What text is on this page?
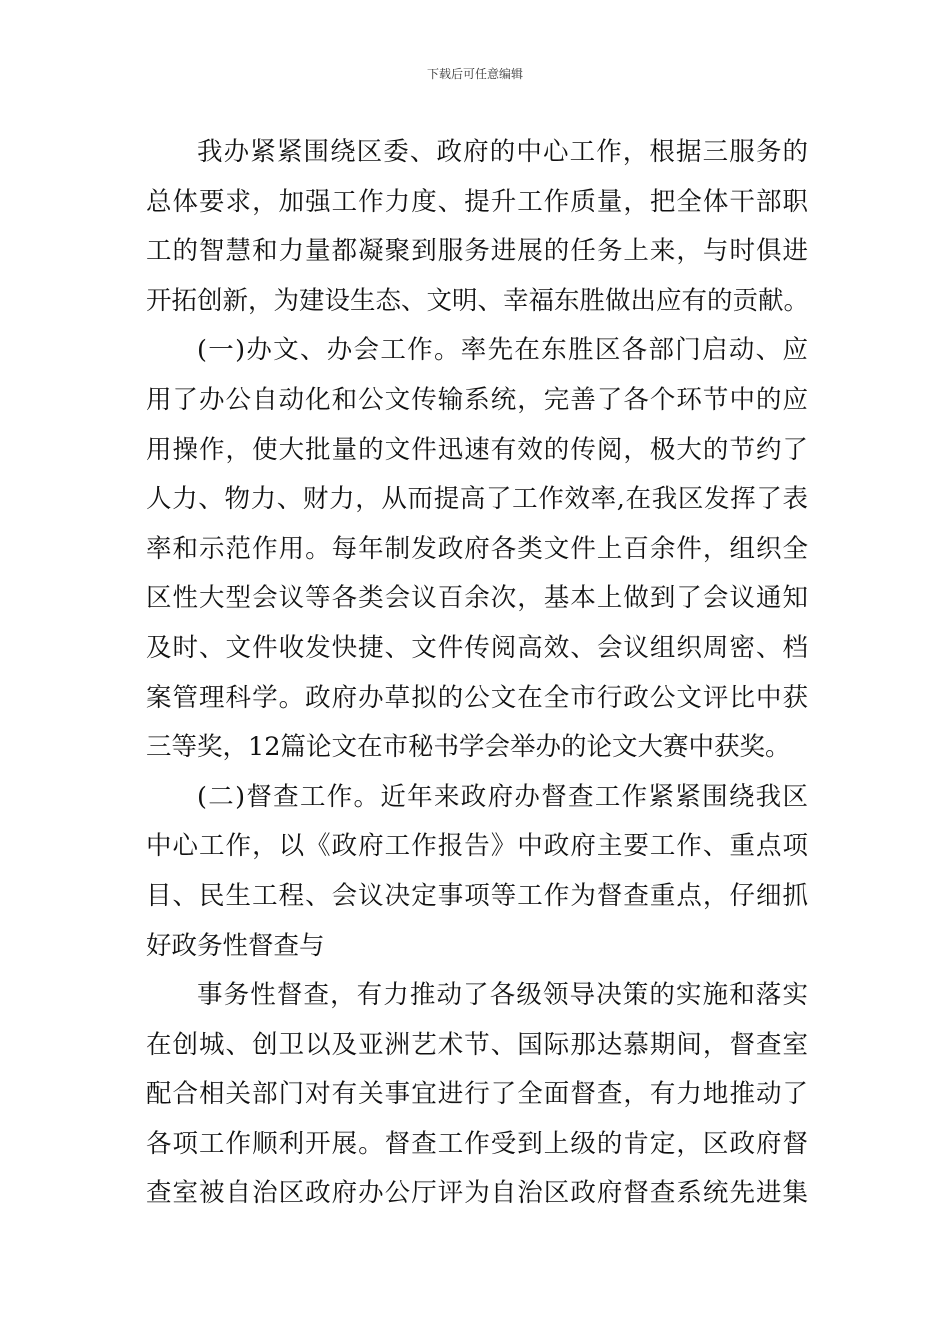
下载后可任意编辑
我办紧紧围绕区委、政府的中心工作，根据三服务的
总体要求，加强工作力度、提升工作质量，把全体干部职
工的智慧和力量都凝聚到服务进展的任务上来，与时俱进
开拓创新，为建设生态、文明、幸福东胜做出应有的贡献。
(一)办文、办会工作。率先在东胜区各部门启动、应
用了办公自动化和公文传输系统，完善了各个环节中的应
用操作，使大批量的文件迅速有效的传阅，极大的节约了
人力、物力、财力，从而提高了工作效率,在我区发挥了表
率和示范作用。每年制发政府各类文件上百余件，组织全
区性大型会议等各类会议百余次，基本上做到了会议通知
及时、文件收发快捷、文件传阅高效、会议组织周密、档
案管理科学。政府办草拟的公文在全市行政公文评比中获
三等奖，12篇论文在市秘书学会举办的论文大赛中获奖。
(二)督查工作。近年来政府办督查工作紧紧围绕我区
中心工作，以《政府工作报告》中政府主要工作、重点项
目、民生工程、会议决定事项等工作为督查重点，仔细抓
好政务性督查与
事务性督查，有力推动了各级领导决策的实施和落实
在创城、创卫以及亚洲艺术节、国际那达慕期间，督查室
配合相关部门对有关事宜进行了全面督查，有力地推动了
各项工作顺利开展。督查工作受到上级的肯定，区政府督
查室被自治区政府办公厅评为自治区政府督查系统先进集
